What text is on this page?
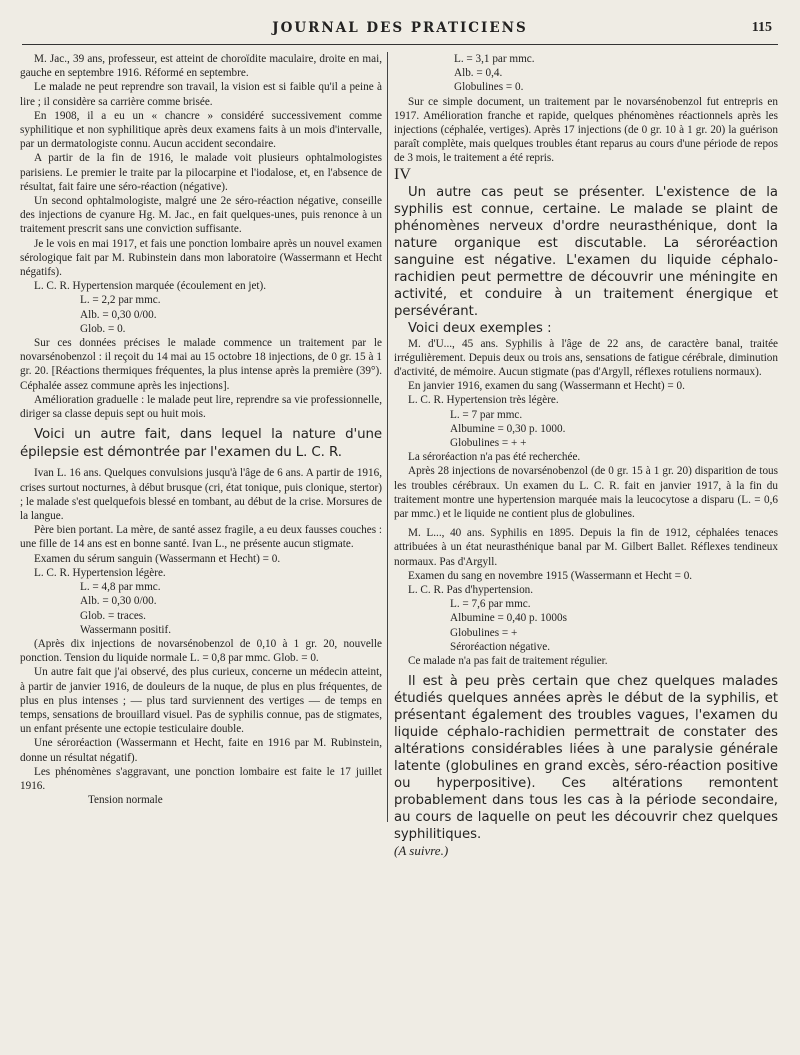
JOURNAL DES PRATICIENS	115

M. Jac., 39 ans, professeur, est atteint de choroïdite maculaire, droite en mai, gauche en septembre 1916. Réformé en septembre.

Le malade ne peut reprendre son travail, la vision est si faible qu'il a peine à lire ; il considère sa carrière comme brisée.

En 1908, il a eu un « chancre » considéré successivement comme syphilitique et non syphilitique après deux examens faits à un mois d'intervalle, par un dermatologiste connu. Aucun accident secondaire.

A partir de la fin de 1916, le malade voit plusieurs ophtalmologistes parisiens. Le premier le traite par la pilocarpine et l'iodalose, et, en l'absence de résultat, fait faire une séro-réaction (négative).

Un second ophtalmologiste, malgré une 2e séro-réaction négative, conseille des injections de cyanure Hg. M. Jac., en fait quelques-unes, puis renonce à un traitement prescrit sans une conviction suffisante.

Je le vois en mai 1917, et fais une ponction lombaire après un nouvel examen sérologique fait par M. Rubinstein dans mon laboratoire (Wassermann et Hecht négatifs).

L. C. R. Hypertension marquée (écoulement en jet).

L. = 2,2 par mmc.

Alb. = 0,30 0/00.

Glob. = 0.

Sur ces données précises le malade commence un traitement par le novarsénobenzol : il reçoit du 14 mai au 15 octobre 18 injections, de 0 gr. 15 à 1 gr. 20. [Réactions thermiques fréquentes, la plus intense après la première (39°). Céphalée assez commune après les injections].

Amélioration graduelle : le malade peut lire, reprendre sa vie professionnelle, diriger sa classe depuis sept ou huit mois.

Voici un autre fait, dans lequel la nature d'une épilepsie est démontrée par l'examen du L. C. R.

Ivan L. 16 ans. Quelques convulsions jusqu'à l'âge de 6 ans. A partir de 1916, crises surtout nocturnes, à début brusque (cri, état tonique, puis clonique, stertor) ; le malade s'est quelquefois blessé en tombant, au début de la crise. Morsures de la langue.

Père bien portant. La mère, de santé assez fragile, a eu deux fausses couches : une fille de 14 ans est en bonne santé. Ivan L., ne présente aucun stigmate.

Examen du sérum sanguin (Wassermann et Hecht) = 0.

L. C. R. Hypertension légère.

L. = 4,8 par mmc.

Alb. = 0,30 0/00.

Glob. = traces.

Wassermann positif.

(Après dix injections de novarsénobenzol de 0,10 à 1 gr. 20, nouvelle ponction. Tension du liquide normale L. = 0,8 par mmc. Glob. = 0.

Un autre fait que j'ai observé, des plus curieux, concerne un médecin atteint, à partir de janvier 1916, de douleurs de la nuque, de plus en plus fréquentes, de plus en plus intenses ; — plus tard surviennent des vertiges — de temps en temps, sensations de brouillard visuel. Pas de syphilis connue, pas de stigmates, un enfant présente une ectopie testiculaire double.

Une séroréaction (Wassermann et Hecht, faite en 1916 par M. Rubinstein, donne un résultat négatif).

Les phénomènes s'aggravant, une ponction lombaire est faite le 17 juillet 1916.

Tension normale

L. = 3,1 par mmc.

Alb. = 0,4.

Globulines = 0.

Sur ce simple document, un traitement par le novarsénobenzol fut entrepris en 1917. Amélioration franche et rapide, quelques phénomènes réactionnels après les injections (céphalée, vertiges). Après 17 injections (de 0 gr. 10 à 1 gr. 20) la guérison paraît complète, mais quelques troubles étant reparus au cours d'une période de repos de 3 mois, le traitement a été repris.

IV

Un autre cas peut se présenter. L'existence de la syphilis est connue, certaine. Le malade se plaint de phénomènes nerveux d'ordre neurasthénique, dont la nature organique est discutable. La séroréaction sanguine est négative. L'examen du liquide céphalo-rachidien peut permettre de découvrir une méningite en activité, et conduire à un traitement énergique et persévérant.

Voici deux exemples :

M. d'U..., 45 ans. Syphilis à l'âge de 22 ans, de caractère banal, traitée irrégulièrement. Depuis deux ou trois ans, sensations de fatigue cérébrale, diminution d'activité, de mémoire. Aucun stigmate (pas d'Argyll, réflexes rotuliens normaux).

En janvier 1916, examen du sang (Wassermann et Hecht) = 0.

L. C. R. Hypertension très légère.

L. = 7 par mmc.

Albumine = 0,30 p. 1000.

Globulines = + +

La séroréaction n'a pas été recherchée.

Après 28 injections de novarsénobenzol (de 0 gr. 15 à 1 gr. 20) disparition de tous les troubles cérébraux. Un examen du L. C. R. fait en janvier 1917, à la fin du traitement montre une hypertension marquée mais la leucocytose a disparu (L. = 0,6 par mmc.) et le liquide ne contient plus de globulines.

M. L..., 40 ans. Syphilis en 1895. Depuis la fin de 1912, céphalées tenaces attribuées à un état neurasthénique banal par M. Gilbert Ballet. Réflexes tendineux normaux. Pas d'Argyll.

Examen du sang en novembre 1915 (Wassermann et Hecht = 0.

L. C. R. Pas d'hypertension.

L. = 7,6 par mmc.

Albumine = 0,40 p. 1000s

Globulines = +

Séroréaction négative.

Ce malade n'a pas fait de traitement régulier.

Il est à peu près certain que chez quelques malades étudiés quelques années après le début de la syphilis, et présentant également des troubles vagues, l'examen du liquide céphalo-rachidien permettrait de constater des altérations considérables liées à une paralysie générale latente (globulines en grand excès, séro-réaction positive ou hyperpositive). Ces altérations remontent probablement dans tous les cas à la période secondaire, au cours de laquelle on peut les découvrir chez quelques syphilitiques.

(A suivre.)
